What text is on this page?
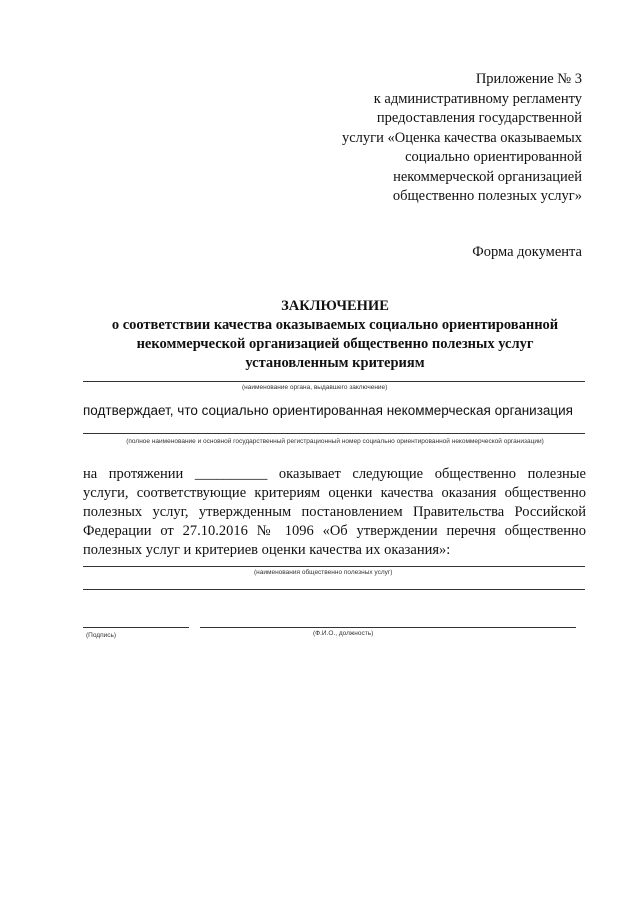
Приложение № 3
к административному регламенту
предоставления государственной
услуги «Оценка качества оказываемых
социально ориентированной
некоммерческой организацией
общественно полезных услуг»
Форма документа
ЗАКЛЮЧЕНИЕ
о соответствии качества оказываемых социально ориентированной
некоммерческой организацией общественно полезных услуг
установленным критериям
(наименование органа, выдавшего заключение)
подтверждает, что социально ориентированная некоммерческая организация
(полное наименование и основной государственный регистрационный номер социально ориентированной некоммерческой организации)
на протяжении __________ оказывает следующие общественно полезные
услуги, соответствующие критериям оценки качества оказания общественно
полезных услуг, утвержденным постановлением Правительства Российской
Федерации от 27.10.2016 № 1096 «Об утверждении перечня общественно
полезных услуг и критериев оценки качества их оказания»:
(наименования общественно полезных услуг)
(Подпись)	(Ф.И.О., должность)
